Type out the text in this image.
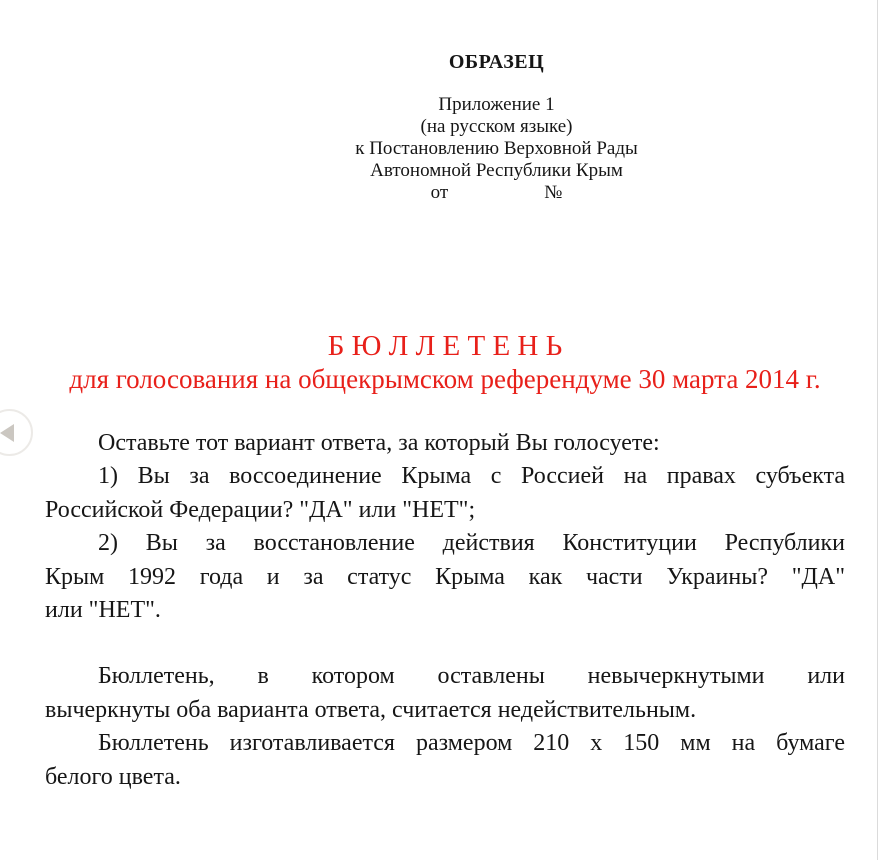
ОБРАЗЕЦ
Приложение 1
(на русском языке)
к Постановлению Верховной Рады
Автономной Республики Крым
от	№
Б Ю Л Л Е Т Е Н Ь
для голосования на общекрымском референдуме 30 марта 2014 г.
Оставьте тот вариант ответа, за который Вы голосуете:
1) Вы за воссоединение Крыма с Россией на правах субъекта
Российской Федерации? "ДА" или "НЕТ";
2) Вы за восстановление действия Конституции Республики
Крым 1992 года и за статус Крыма как части Украины? "ДА"
или "НЕТ".
Бюллетень, в котором оставлены невычеркнутыми или
вычеркнуты оба варианта ответа, считается недействительным.
Бюллетень изготавливается размером 210 х 150 мм на бумаге
белого цвета.
